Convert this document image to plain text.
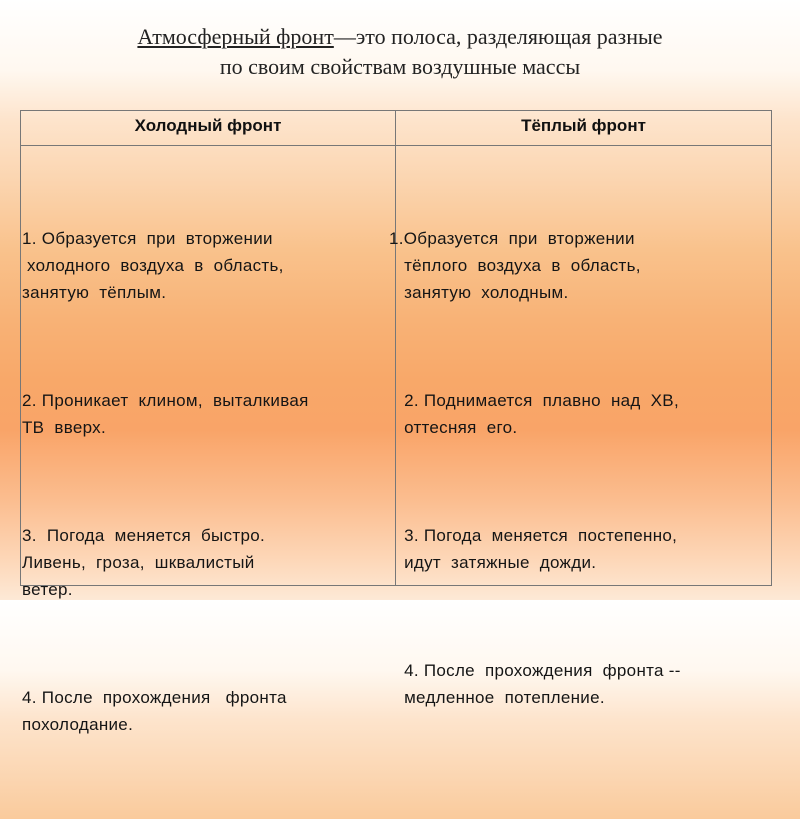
Атмосферный фронт—это полоса, разделяющая разные
по своим свойствам воздушные массы
Холодный фронт	Тёплый фронт

1. Образуется  при  вторжении
холодного  воздуха  в  область,
занятую  тёплым.

2. Проникает  клином,  выталкивая
ТВ  вверх.

3.  Погода  меняется  быстро.
Ливень,  гроза,  шквалистый
ветер.

4. После  прохождения   фронта
похолодание.

1.Образуется  при  вторжении
тёплого  воздуха  в  область,
занятую  холодным.

2. Поднимается  плавно  над  ХВ,
оттесняя  его.

3. Погода  меняется  постепенно,
идут  затяжные  дожди.

4. После  прохождения  фронта --
медленное  потепление.
